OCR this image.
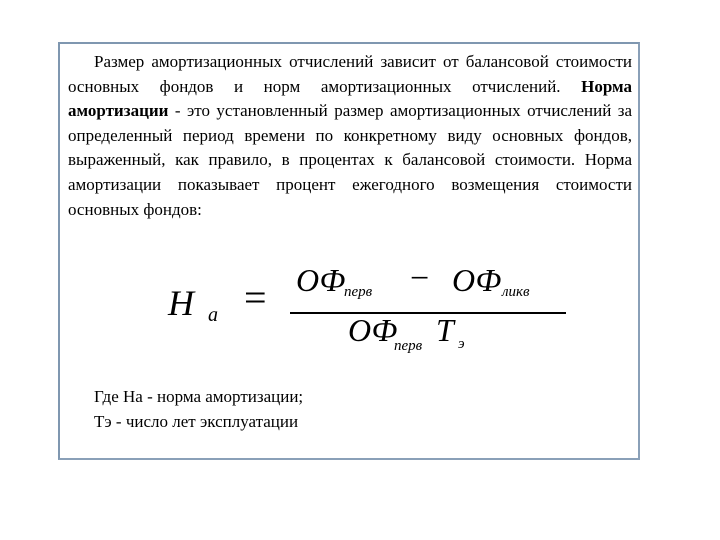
Размер амортизационных отчислений зависит от балансовой стоимости основных фондов и норм амортизационных отчислений. Норма амортизации - это установленный размер амортизационных отчислений за определенный период времени по конкретному виду основных фондов, выраженный, как правило, в процентах к балансовой стоимости. Норма амортизации показывает процент ежегодного возмещения стоимости основных фондов:

H а = ОФ
перв − ОФ ликв
ОФ
перв T э
Где На - норма амортизации;
Тэ - число лет эксплуатации
